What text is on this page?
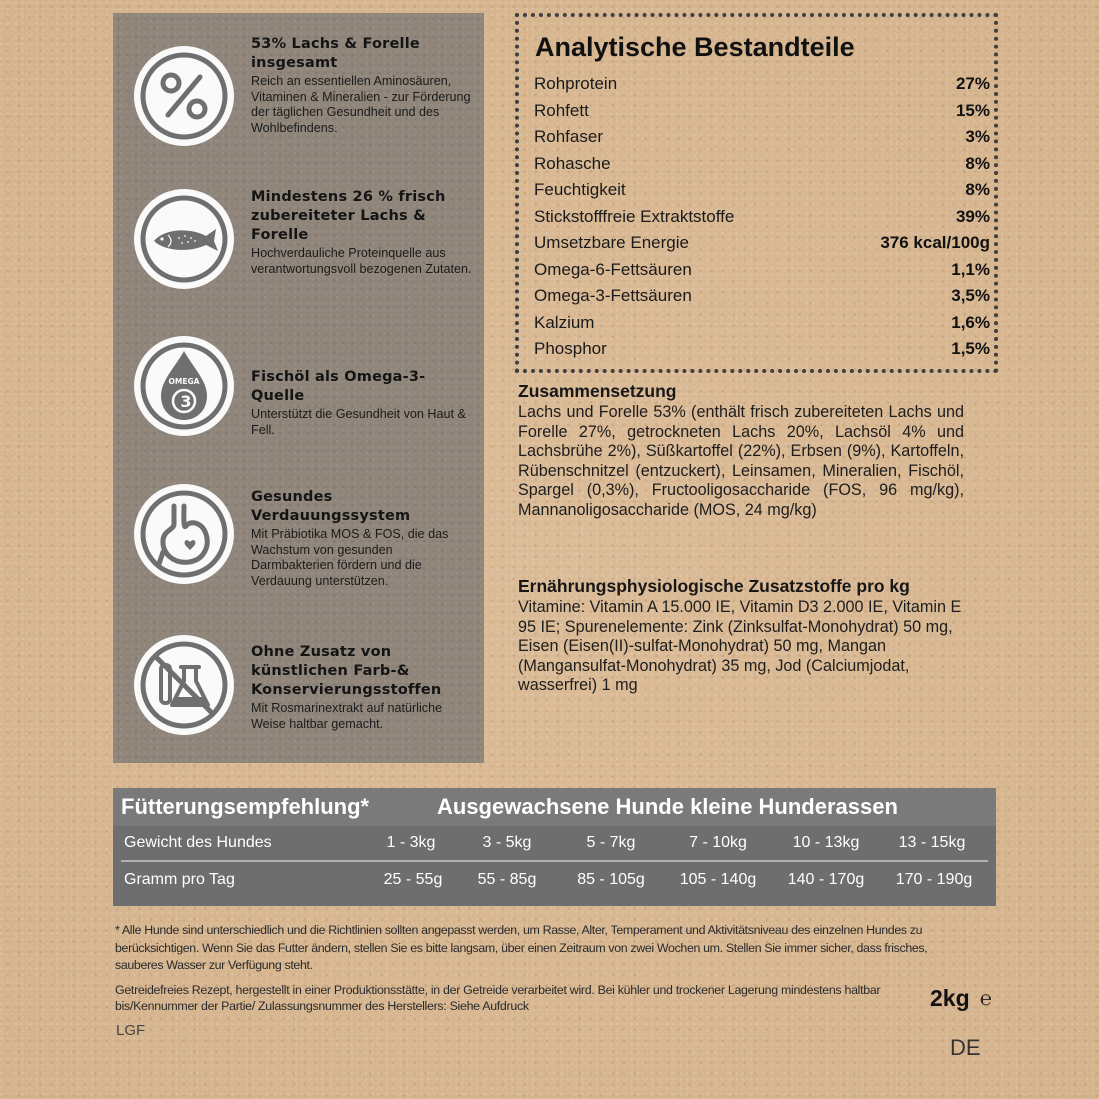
53% Lachs & Forelle insgesamt
Reich an essentiellen Aminosäuren, Vitaminen & Mineralien - zur Förderung der täglichen Gesundheit und des Wohlbefindens.
Mindestens 26 % frisch zubereiteter Lachs & Forelle
Hochverdauliche Proteinquelle aus verantwortungsvoll bezogenen Zutaten.
OMEGA
3
Fischöl als Omega-3-Quelle
Unterstützt die Gesundheit von Haut & Fell.
Gesundes Verdauungssystem
Mit Präbiotika MOS & FOS, die das Wachstum von gesunden Darmbakterien fördern und die Verdauung unterstützen.
Ohne Zusatz von künstlichen Farb-& Konservierungsstoffen
Mit Rosmarinextrakt auf natürliche Weise haltbar gemacht.
Analytische Bestandteile
Rohprotein	27%
Rohfett	15%
Rohfaser	3%
Rohasche	8%
Feuchtigkeit	8%
Stickstofffreie Extraktstoffe	39%
Umsetzbare Energie	376 kcal/100g
Omega-6-Fettsäuren	1,1%
Omega-3-Fettsäuren	3,5%
Kalzium	1,6%
Phosphor	1,5%
Zusammensetzung
Lachs und Forelle 53% (enthält frisch zubereiteten Lachs und Forelle 27%, getrockneten Lachs 20%, Lachsöl 4% und Lachsbrühe 2%), Süßkartoffel (22%), Erbsen (9%), Kartoffeln, Rübenschnitzel (entzuckert), Leinsamen, Mineralien, Fischöl, Spargel (0,3%), Fructooligosaccharide (FOS, 96 mg/kg), Mannanoligosaccharide (MOS, 24 mg/kg)
Ernährungsphysiologische Zusatzstoffe pro kg
Vitamine: Vitamin A 15.000 IE, Vitamin D3 2.000 IE, Vitamin E 95 IE; Spurenelemente: Zink (Zinksulfat-Monohydrat) 50 mg, Eisen (Eisen(II)-sulfat-Monohydrat) 50 mg, Mangan (Mangansulfat-Monohydrat) 35 mg, Jod (Calciumjodat, wasserfrei) 1 mg
Fütterungsempfehlung*	Ausgewachsene Hunde kleine Hunderassen
Gewicht des Hundes	1 - 3kg	3 - 5kg	5 - 7kg	7 - 10kg	10 - 13kg	13 - 15kg
Gramm pro Tag	25 - 55g	55 - 85g	85 - 105g	105 - 140g	140 - 170g	170 - 190g
* Alle Hunde sind unterschiedlich und die Richtlinien sollten angepasst werden, um Rasse, Alter, Temperament und Aktivitätsniveau des einzelnen Hundes zu berücksichtigen. Wenn Sie das Futter ändern, stellen Sie es bitte langsam, über einen Zeitraum von zwei Wochen um. Stellen Sie immer sicher, dass frisches, sauberes Wasser zur Verfügung steht.
Getreidefreies Rezept, hergestellt in einer Produktionsstätte, in der Getreide verarbeitet wird. Bei kühler und trockener Lagerung mindestens haltbar bis/Kennummer der Partie/ Zulassungsnummer des Herstellers: Siehe Aufdruck	2kg ℮
LGF
DE
